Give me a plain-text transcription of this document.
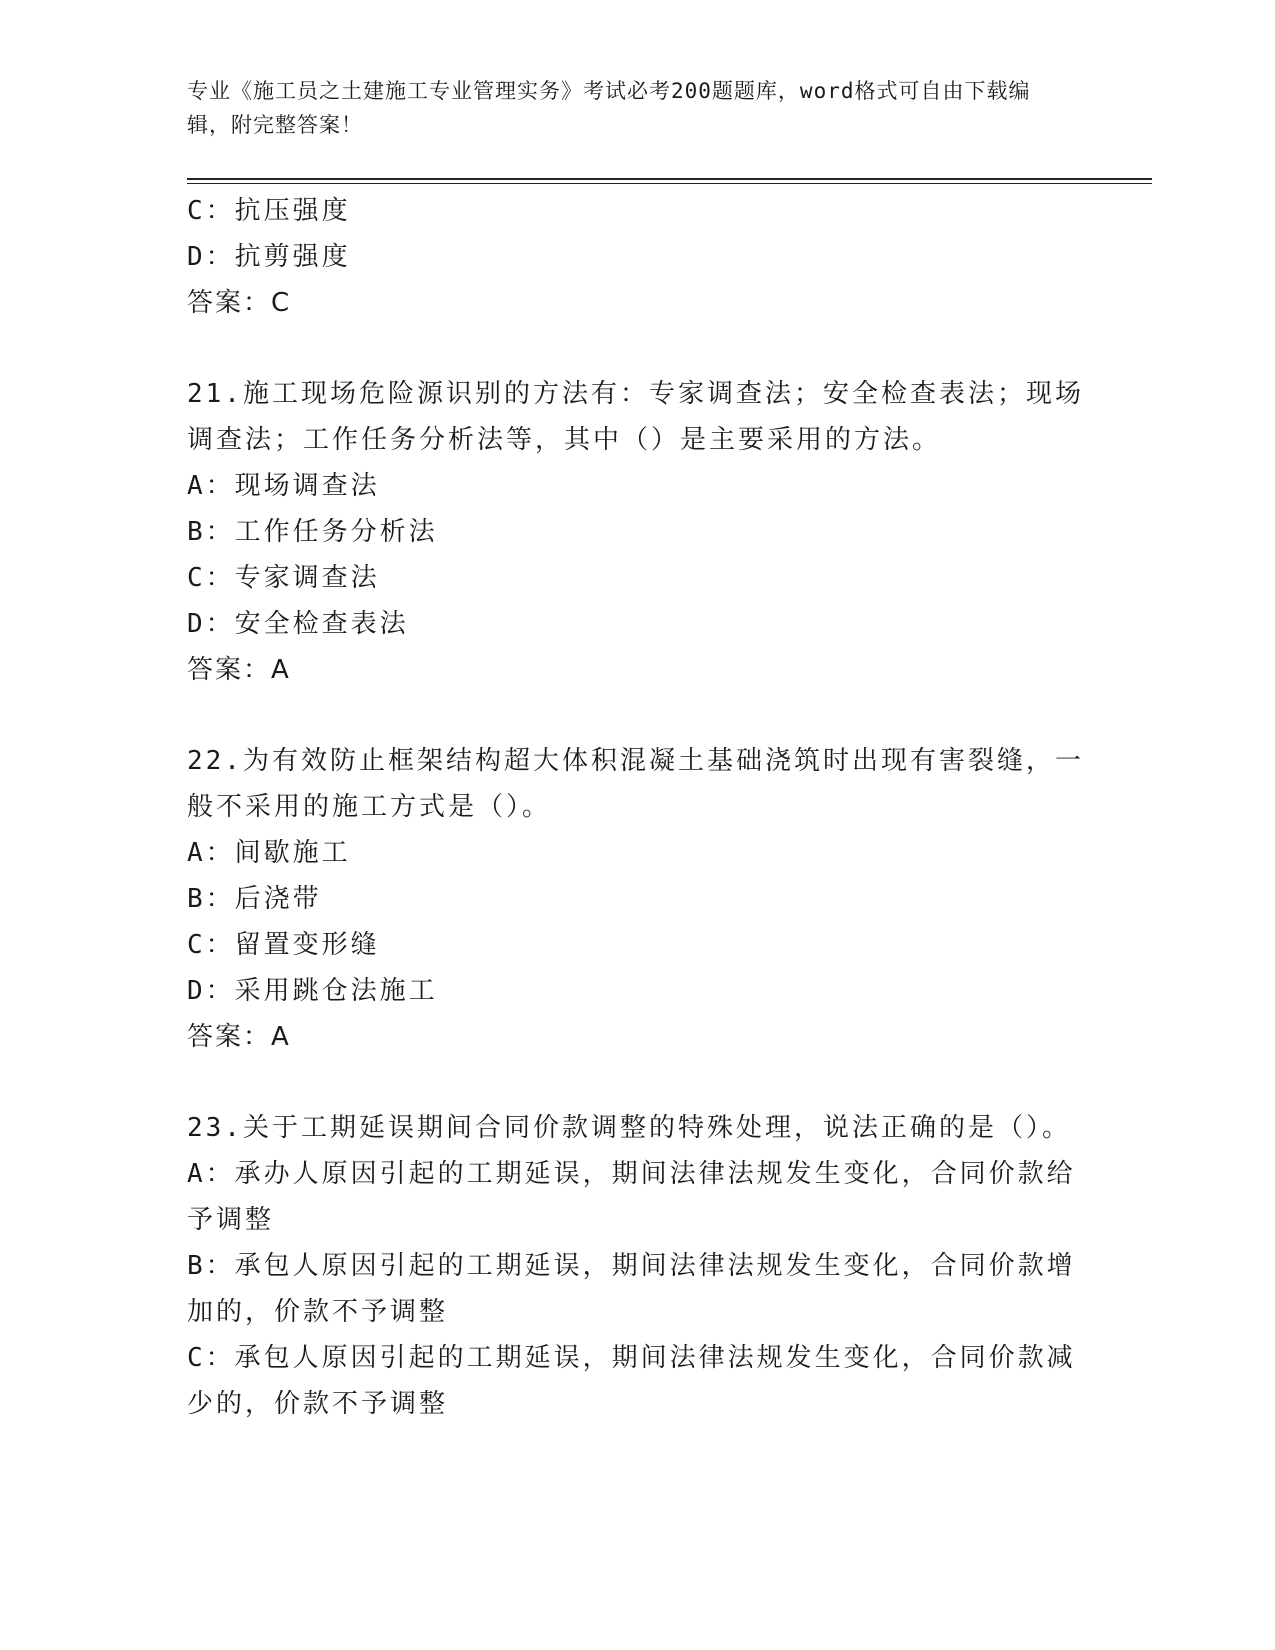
专业《施工员之土建施工专业管理实务》考试必考200题题库，word格式可自由下载编辑，附完整答案！

C：抗压强度

D：抗剪强度

答案：C

21.施工现场危险源识别的方法有：专家调查法；安全检查表法；现场调查法；工作任务分析法等，其中（）是主要采用的方法。

A：现场调查法

B：工作任务分析法

C：专家调查法

D：安全检查表法

答案：A

22.为有效防止框架结构超大体积混凝土基础浇筑时出现有害裂缝，一般不采用的施工方式是（）。

A：间歇施工

B：后浇带

C：留置变形缝

D：采用跳仓法施工

答案：A

23.关于工期延误期间合同价款调整的特殊处理，说法正确的是（）。

A：承办人原因引起的工期延误，期间法律法规发生变化，合同价款给予调整

B：承包人原因引起的工期延误，期间法律法规发生变化，合同价款增加的，价款不予调整

C：承包人原因引起的工期延误，期间法律法规发生变化，合同价款减少的，价款不予调整
